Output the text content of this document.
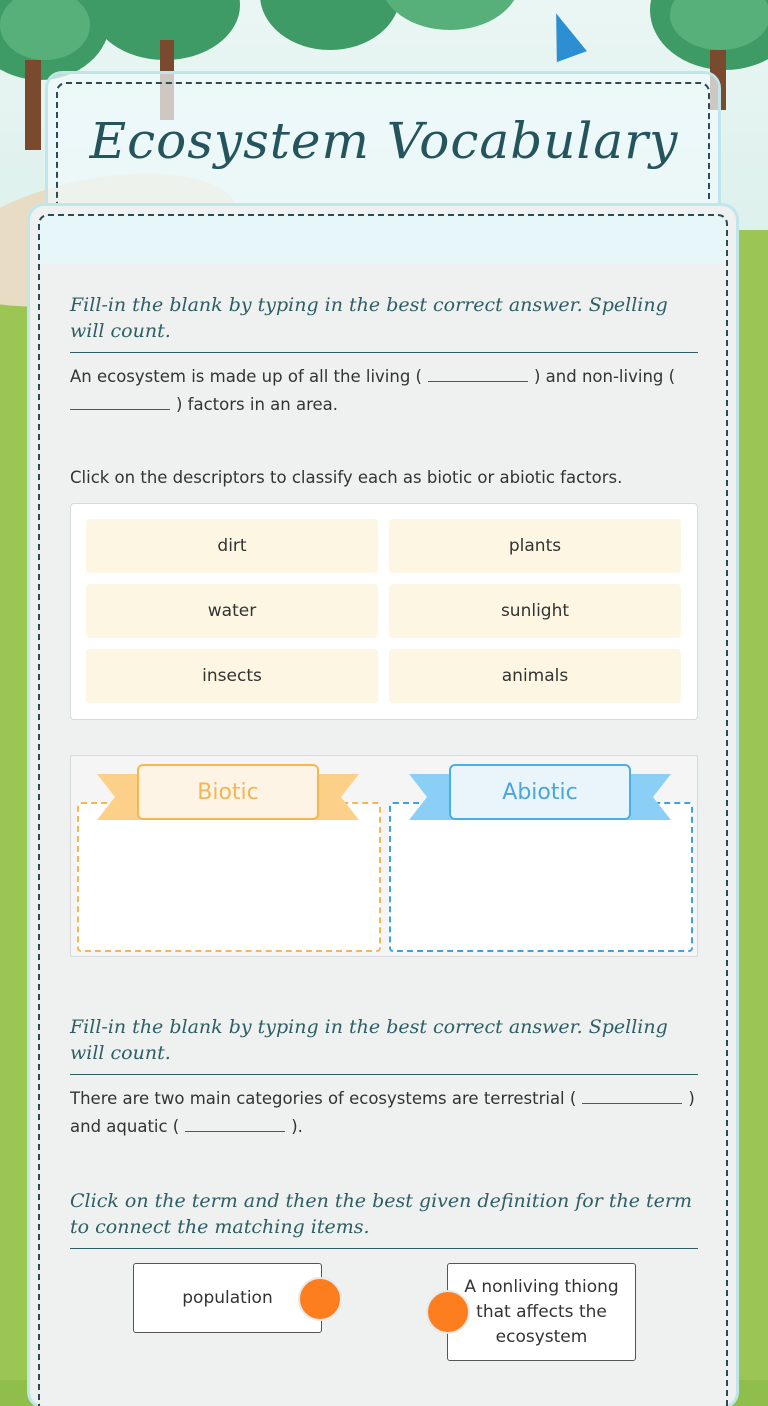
Ecosystem Vocabulary
Fill-in the blank by typing in the best correct answer. Spelling will count.
An ecosystem is made up of all the living (	) and non-living (
) factors in an area.
Click on the descriptors to classify each as biotic or abiotic factors.
dirt	plants
water	sunlight
insects	animals
Biotic	Abiotic
Fill-in the blank by typing in the best correct answer. Spelling will count.
There are two main categories of ecosystems are terrestrial (	)
and aquatic (	).
Click on the term and then the best given definition for the term to connect the matching items.
population
A nonliving thiong that affects the ecosystem
